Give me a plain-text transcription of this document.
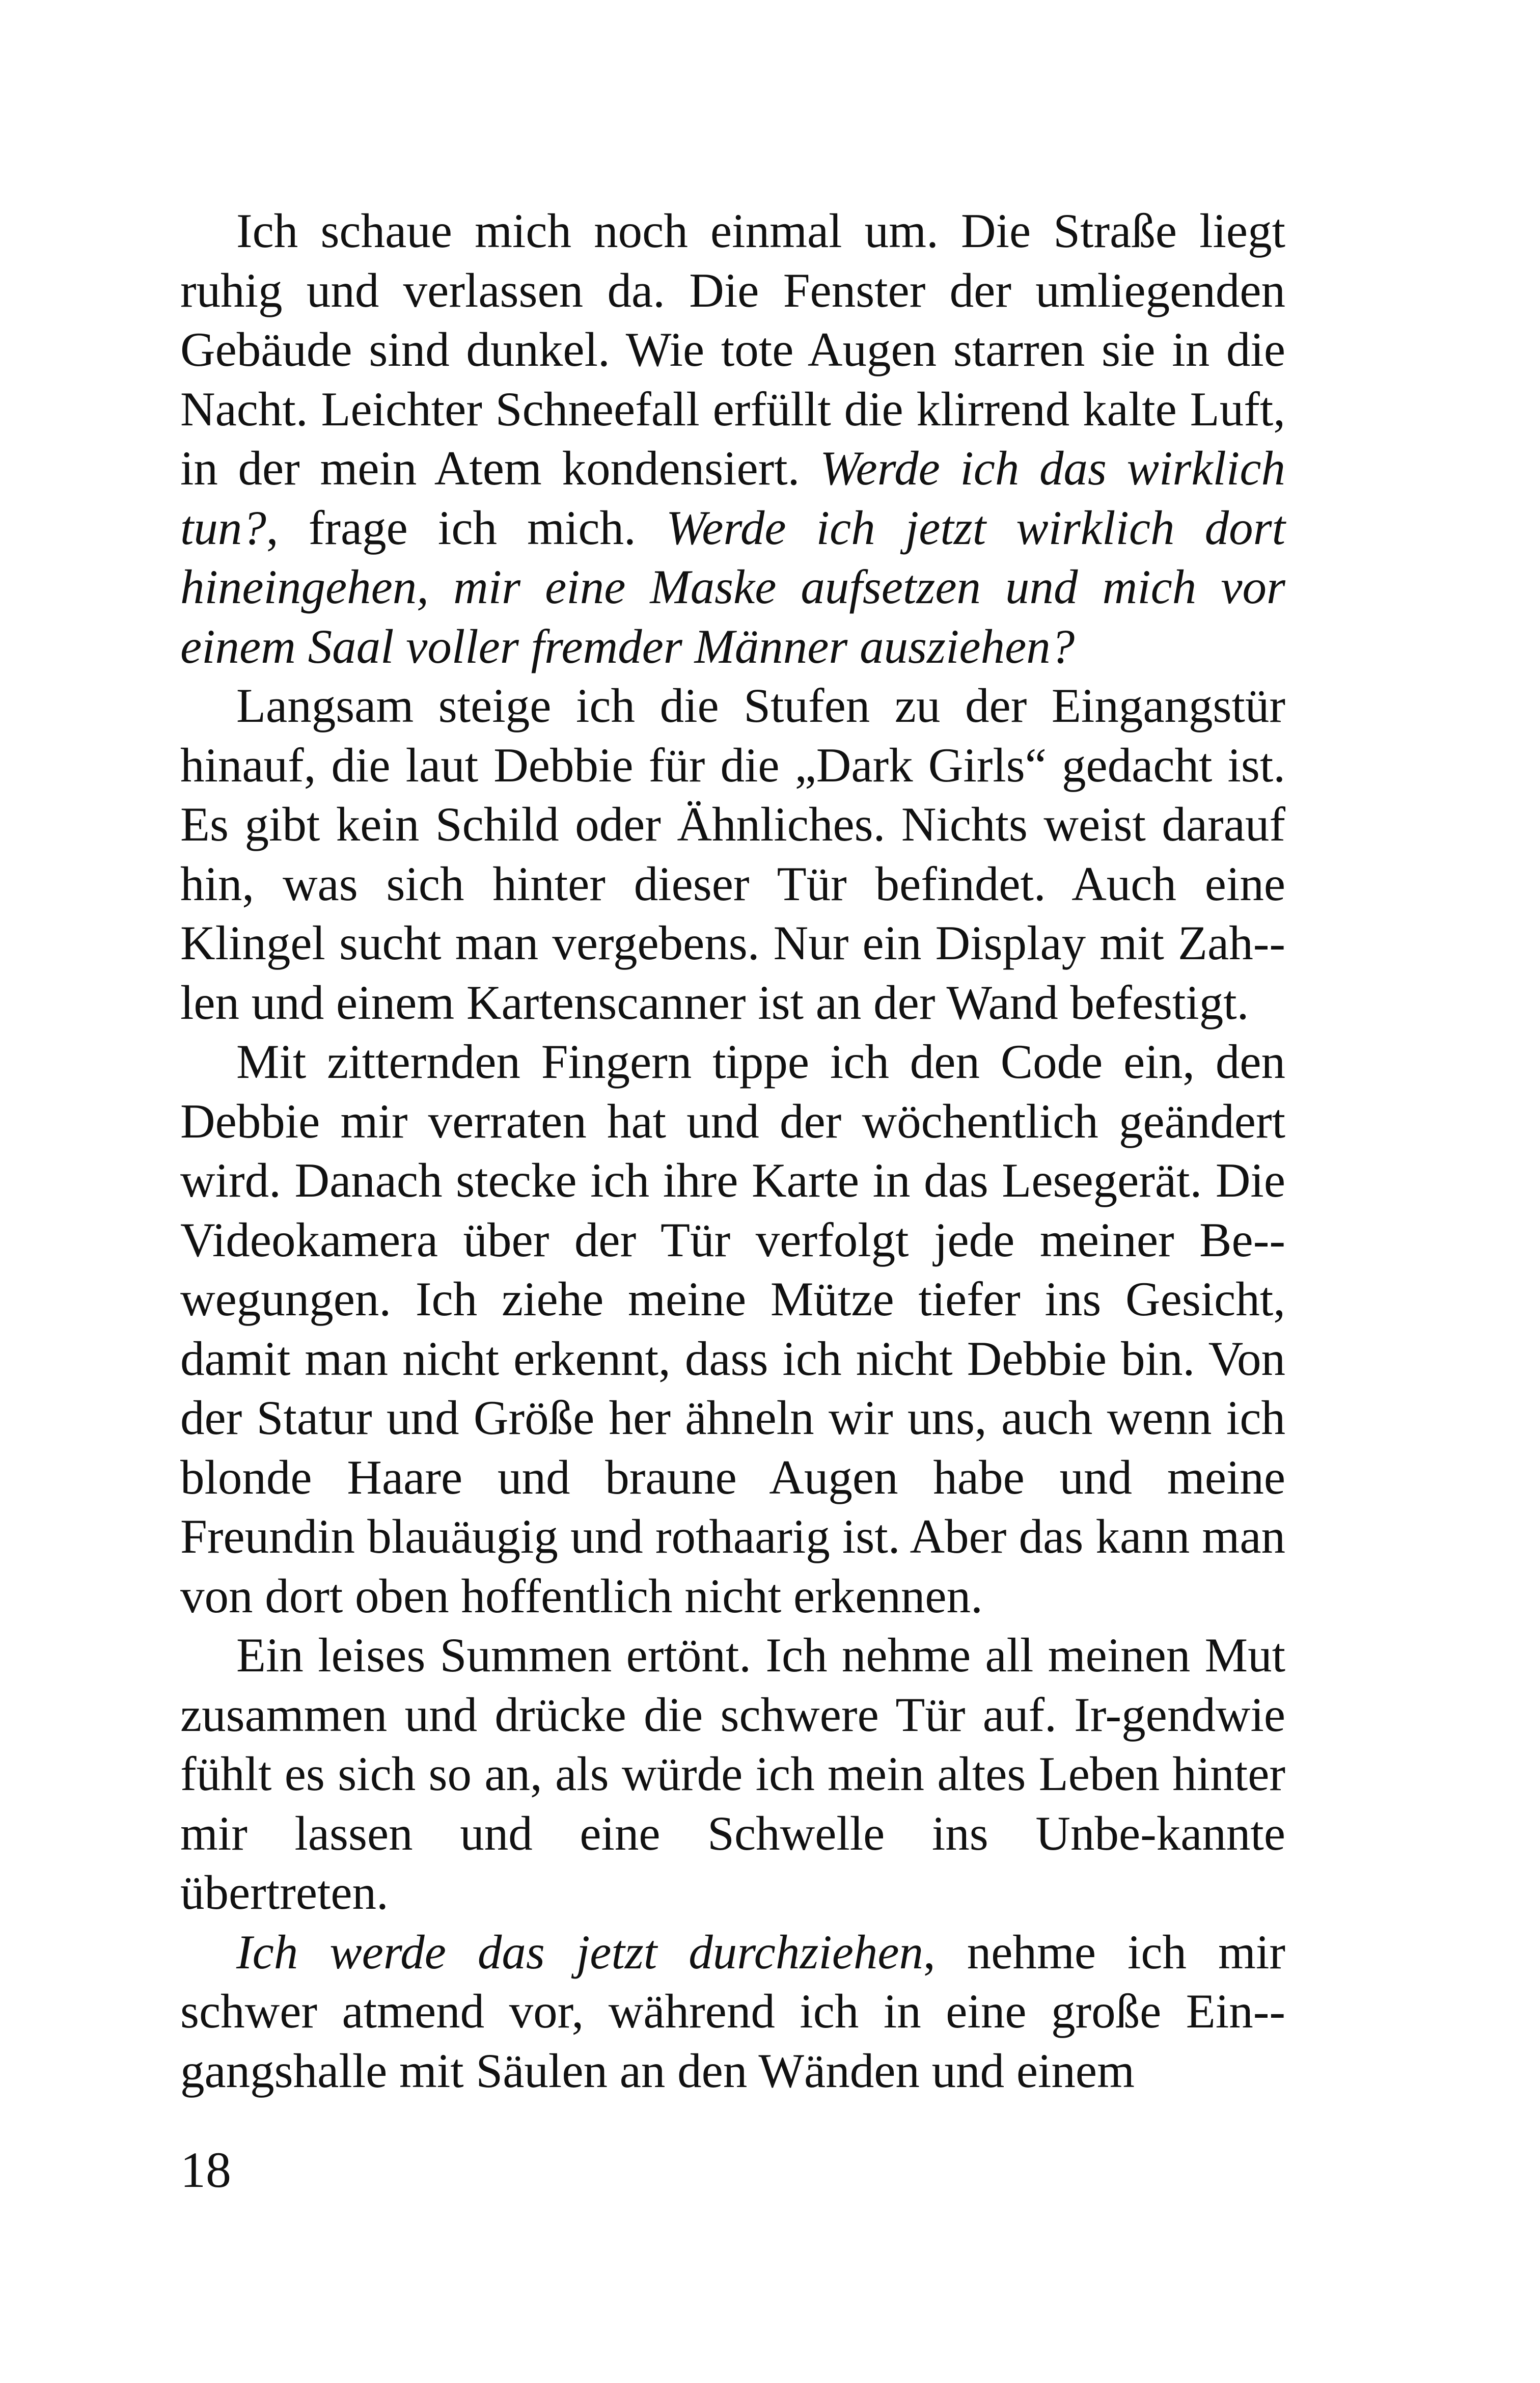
Ich schaue mich noch einmal um. Die Straße liegt ruhig und verlassen da. Die Fenster der umliegenden Gebäude sind dunkel. Wie tote Augen starren sie in die Nacht. Leichter Schneefall erfüllt die klirrend kalte Luft, in der mein Atem kondensiert. Werde ich das wirklich tun?, frage ich mich. Werde ich jetzt wirklich dort hineingehen, mir eine Maske aufsetzen und mich vor einem Saal voller fremder Männer ausziehen?

Langsam steige ich die Stufen zu der Eingangstür hinauf, die laut Debbie für die „Dark Girls“ gedacht ist. Es gibt kein Schild oder Ähnliches. Nichts weist darauf hin, was sich hinter dieser Tür befindet. Auch eine Klingel sucht man vergebens. Nur ein Display mit Zah-len und einem Kartenscanner ist an der Wand befestigt.

Mit zitternden Fingern tippe ich den Code ein, den Debbie mir verraten hat und der wöchentlich geändert wird. Danach stecke ich ihre Karte in das Lesegerät. Die Videokamera über der Tür verfolgt jede meiner Be-wegungen. Ich ziehe meine Mütze tiefer ins Gesicht, damit man nicht erkennt, dass ich nicht Debbie bin. Von der Statur und Größe her ähneln wir uns, auch wenn ich blonde Haare und braune Augen habe und meine Freundin blauäugig und rothaarig ist. Aber das kann man von dort oben hoffentlich nicht erkennen.

Ein leises Summen ertönt. Ich nehme all meinen Mut zusammen und drücke die schwere Tür auf. Ir-gendwie fühlt es sich so an, als würde ich mein altes Leben hinter mir lassen und eine Schwelle ins Unbe-kannte übertreten.

Ich werde das jetzt durchziehen, nehme ich mir schwer atmend vor, während ich in eine große Ein-gangshalle mit Säulen an den Wänden und einem

18
